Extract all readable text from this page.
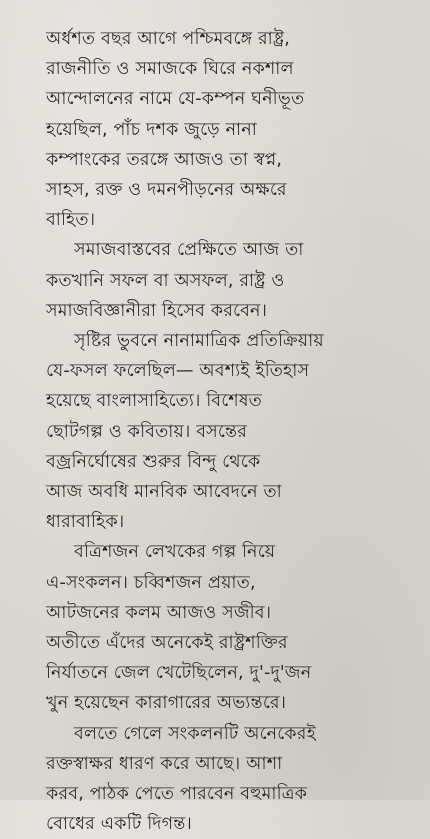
অর্ধশত বছর আগে পশ্চিমবঙ্গে রাষ্ট্র,
রাজনীতি ও সমাজকে ঘিরে নকশাল
আন্দোলনের নামে যে-কম্পন ঘনীভূত
হয়েছিল, পাঁচ দশক জুড়ে নানা
কম্পাংকের তরঙ্গে আজও তা স্বপ্ন,
সাহস, রক্ত ও দমনপীড়নের অক্ষরে
বাহিত।

সমাজবাস্তবের প্রেক্ষিতে আজ তা
কতখানি সফল বা অসফল, রাষ্ট্র ও
সমাজবিজ্ঞানীরা হিসেব করবেন।

সৃষ্টির ভুবনে নানামাত্রিক প্রতিক্রিয়ায়
যে-ফসল ফলেছিল— অবশ্যই ইতিহাস
হয়েছে বাংলাসাহিত্যে। বিশেষত
ছোটগল্প ও কবিতায়। বসন্তের
বজ্রনির্ঘোষের শুরুর বিন্দু থেকে
আজ অবধি মানবিক আবেদনে তা
ধারাবাহিক।

বত্রিশজন লেখকের গল্প নিয়ে
এ-সংকলন। চব্বিশজন প্রয়াত,
আটজনের কলম আজও সজীব।
অতীতে এঁদের অনেকেই রাষ্ট্রশক্তির
নির্যাতনে জেল খেটেছিলেন, দু'-দু'জন
খুন হয়েছেন কারাগারের অভ্যন্তরে।

বলতে গেলে সংকলনটি অনেকেরই
রক্তস্বাক্ষর ধারণ করে আছে। আশা
করব, পাঠক পেতে পারবেন বহুমাত্রিক
বোধের একটি দিগন্ত।
